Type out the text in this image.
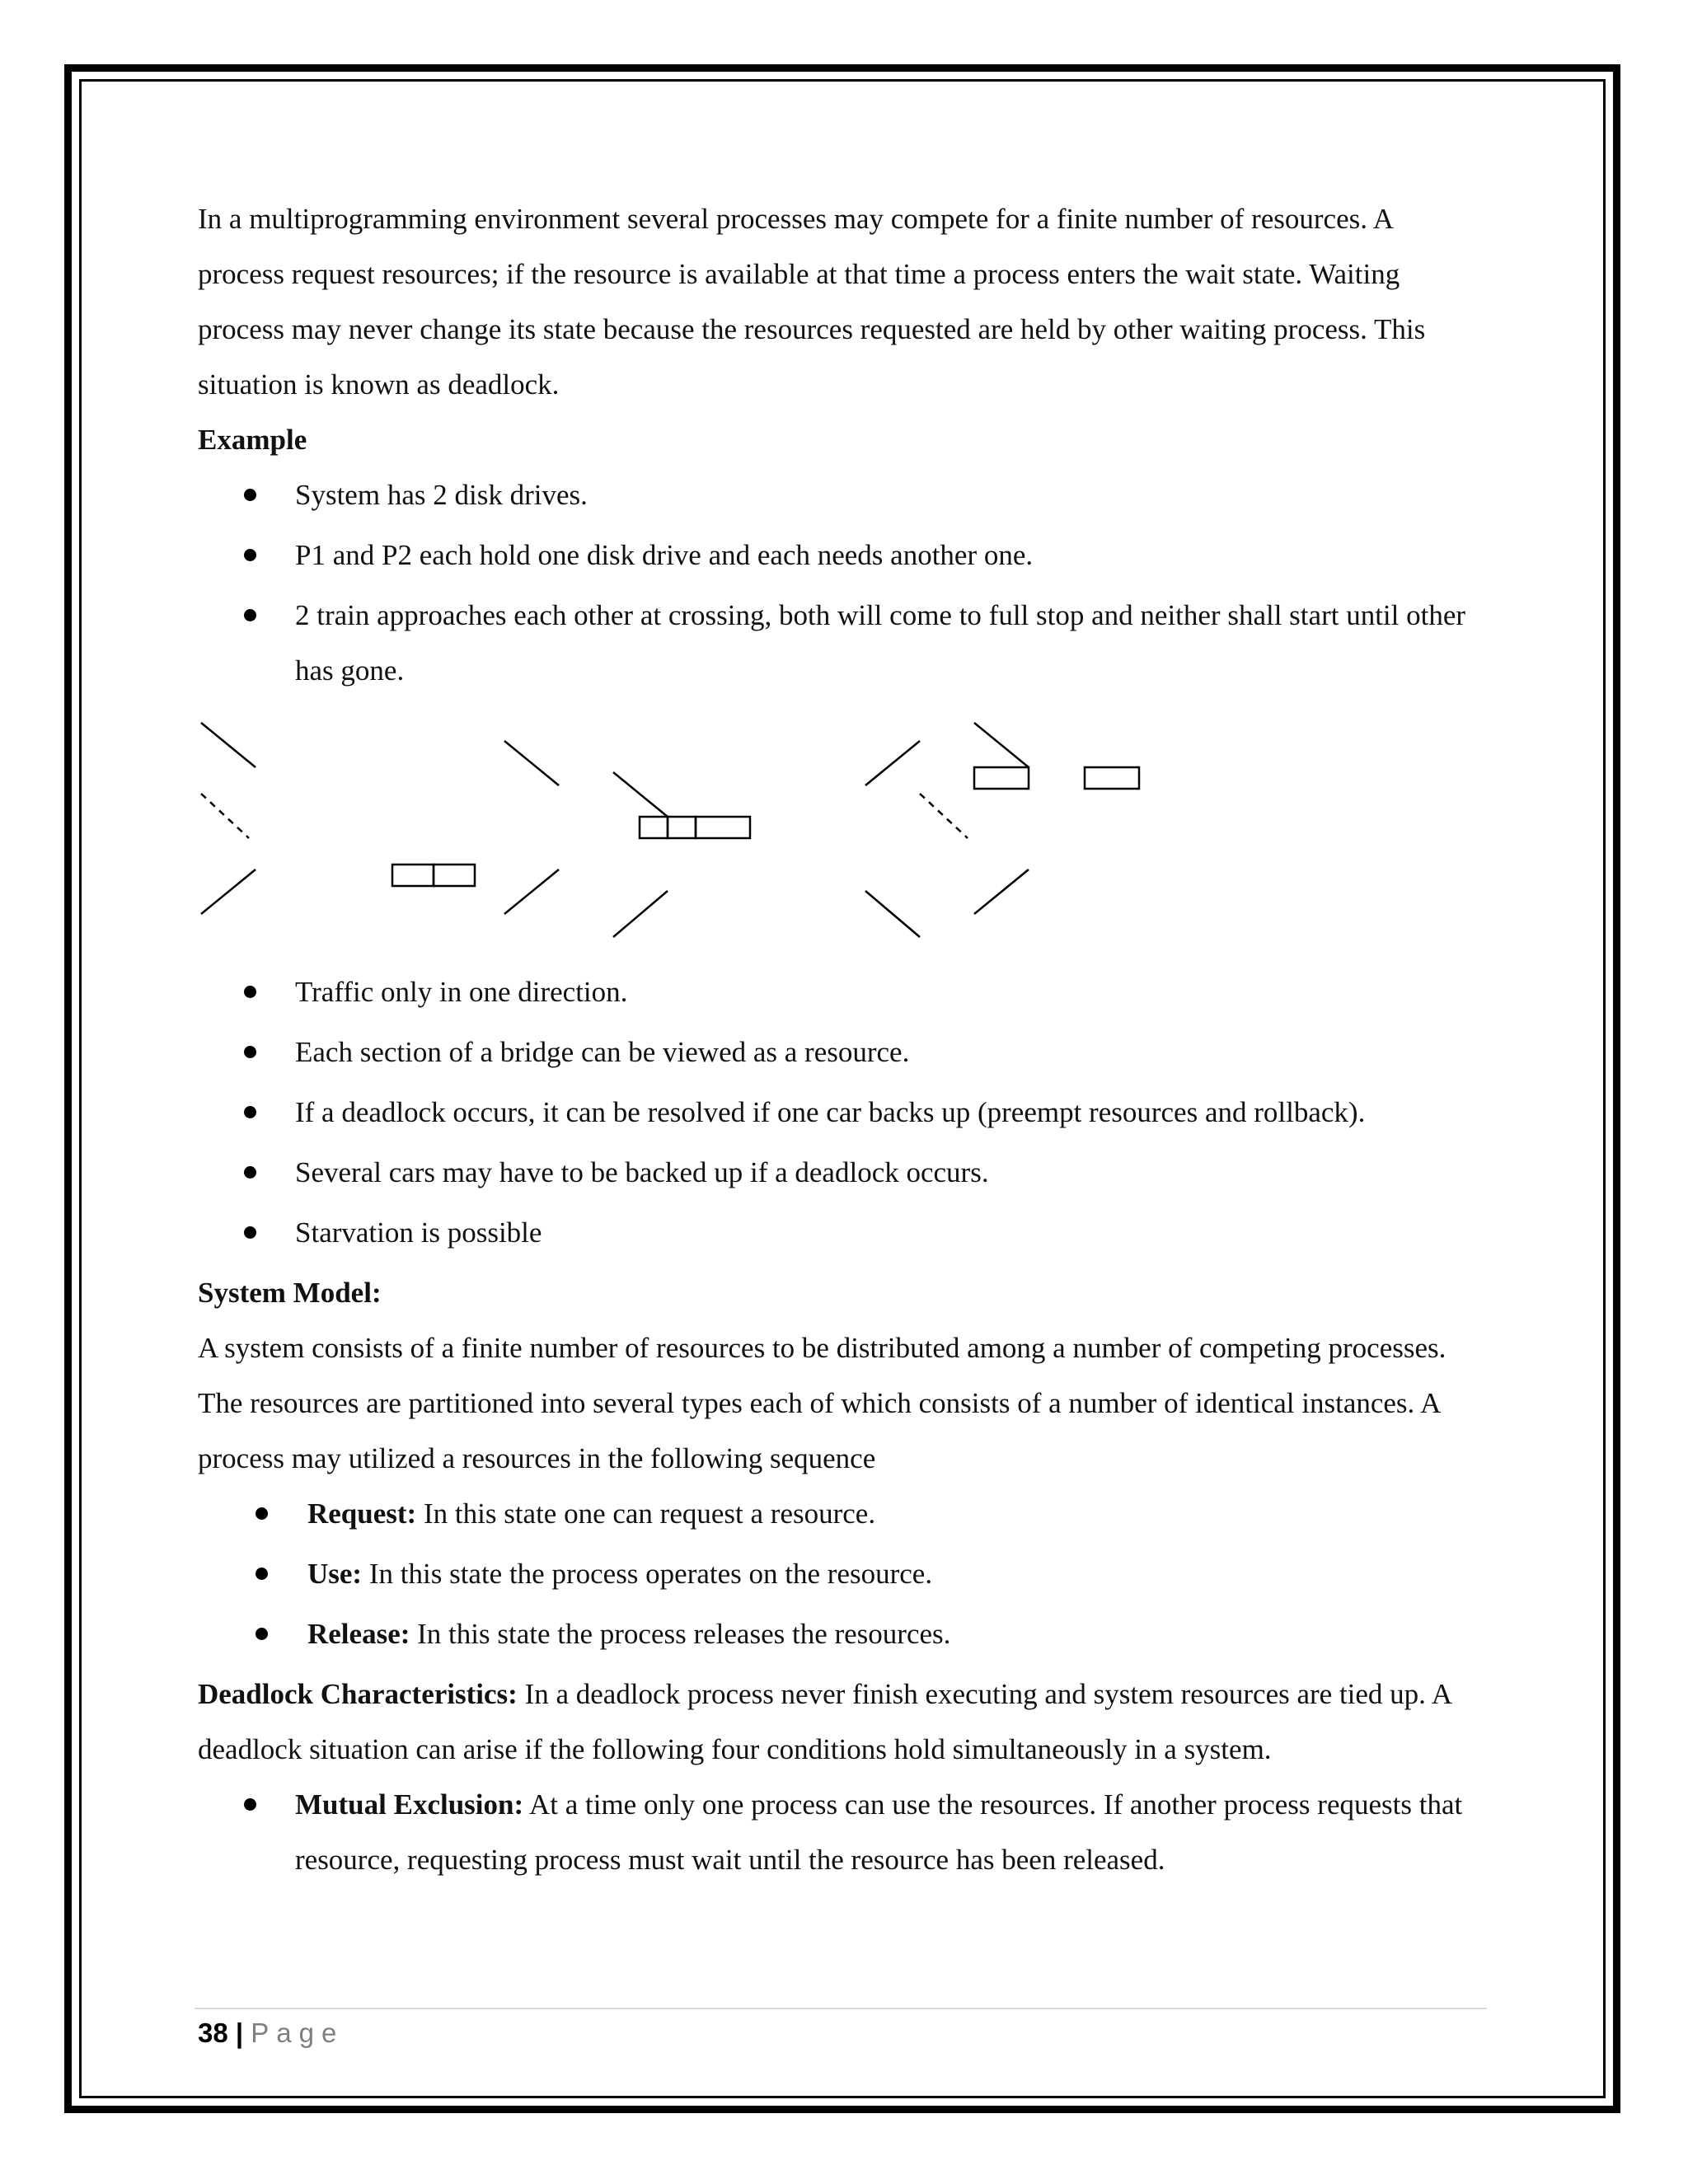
In a multiprogramming environment several processes may compete for a finite number of resources. A process request resources; if the resource is available at that time a process enters the wait state. Waiting process may never change its state because the resources requested are held by other waiting process. This situation is known as deadlock.

Example

System has 2 disk drives.
P1 and P2 each hold one disk drive and each needs another one.
2 train approaches each other at crossing, both will come to full stop and neither shall start until other has gone.
Traffic only in one direction.
Each section of a bridge can be viewed as a resource.
If a deadlock occurs, it can be resolved if one car backs up (preempt resources and rollback).
Several cars may have to be backed up if a deadlock occurs.
Starvation is possible

System Model:

A system consists of a finite number of resources to be distributed among a number of competing processes. The resources are partitioned into several types each of which consists of a number of identical instances. A process may utilized a resources in the following sequence

Request: In this state one can request a resource.
Use: In this state the process operates on the resource.
Release: In this state the process releases the resources.

Deadlock Characteristics: In a deadlock process never finish executing and system resources are tied up. A deadlock situation can arise if the following four conditions hold simultaneously in a system.

Mutual Exclusion: At a time only one process can use the resources. If another process requests that resource, requesting process must wait until the resource has been released.
38 | Page
